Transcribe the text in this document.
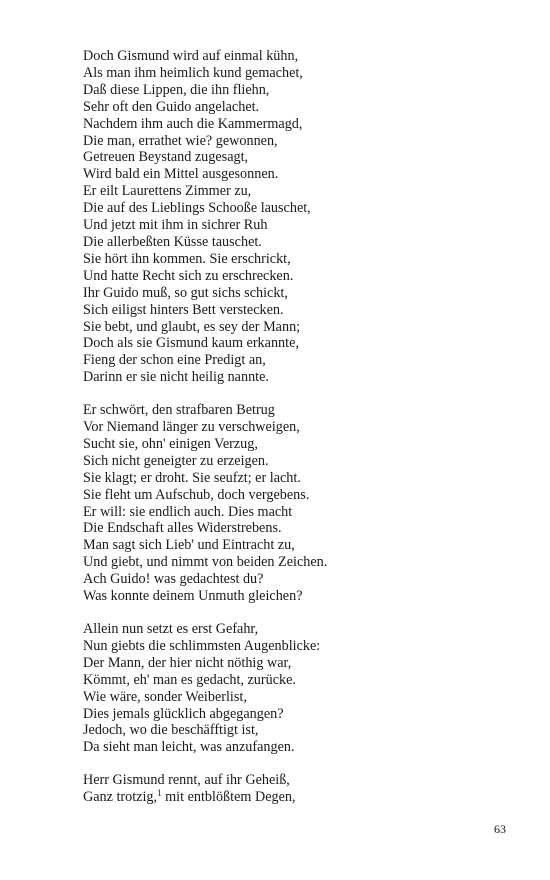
Doch Gismund wird auf einmal kühn,
Als man ihm heimlich kund gemachet,
Daß diese Lippen, die ihn fliehn,
Sehr oft den Guido angelachet.
Nachdem ihm auch die Kammermagd,
Die man, errathet wie? gewonnen,
Getreuen Beystand zugesagt,
Wird bald ein Mittel ausgesonnen.
Er eilt Laurettens Zimmer zu,
Die auf des Lieblings Schooße lauschet,
Und jetzt mit ihm in sichrer Ruh
Die allerbeßten Küsse tauschet.
Sie hört ihn kommen. Sie erschrickt,
Und hatte Recht sich zu erschrecken.
Ihr Guido muß, so gut sichs schickt,
Sich eiligst hinters Bett verstecken.
Sie bebt, und glaubt, es sey der Mann;
Doch als sie Gismund kaum erkannte,
Fieng der schon eine Predigt an,
Darinn er sie nicht heilig nannte.
Er schwört, den strafbaren Betrug
Vor Niemand länger zu verschweigen,
Sucht sie, ohn' einigen Verzug,
Sich nicht geneigter zu erzeigen.
Sie klagt; er droht. Sie seufzt; er lacht.
Sie fleht um Aufschub, doch vergebens.
Er will: sie endlich auch. Dies macht
Die Endschaft alles Widerstrebens.
Man sagt sich Lieb' und Eintracht zu,
Und giebt, und nimmt von beiden Zeichen.
Ach Guido! was gedachtest du?
Was konnte deinem Unmuth gleichen?
Allein nun setzt es erst Gefahr,
Nun giebts die schlimmsten Augenblicke:
Der Mann, der hier nicht nöthig war,
Kömmt, eh' man es gedacht, zurücke.
Wie wäre, sonder Weiberlist,
Dies jemals glücklich abgegangen?
Jedoch, wo die beschäfftigt ist,
Da sieht man leicht, was anzufangen.
Herr Gismund rennt, auf ihr Geheiß,
Ganz trotzig,$^1$ mit entblößtem Degen,
63
